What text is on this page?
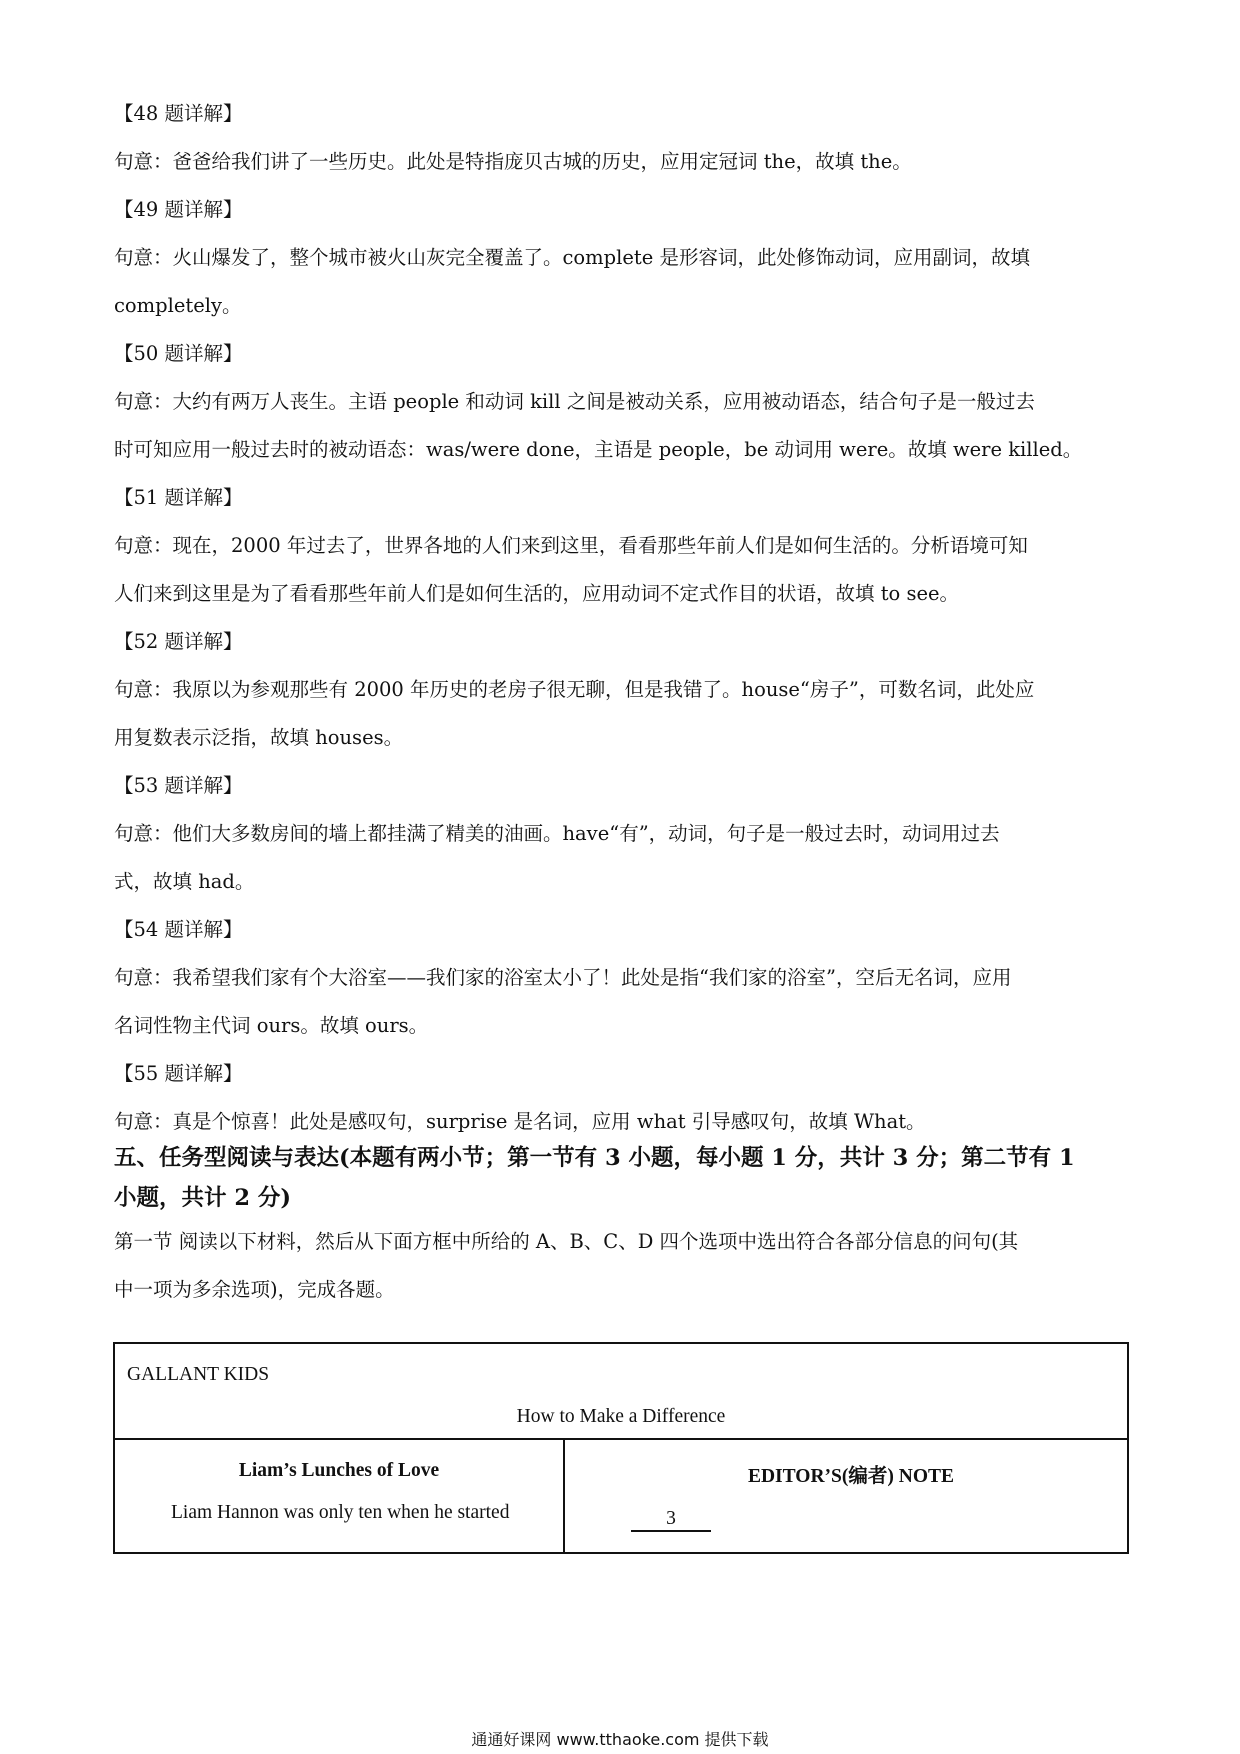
【48 题详解】

句意：爸爸给我们讲了一些历史。此处是特指庞贝古城的历史，应用定冠词 the，故填 the。

【49 题详解】

句意：火山爆发了，整个城市被火山灰完全覆盖了。complete 是形容词，此处修饰动词，应用副词，故填

completely。

【50 题详解】

句意：大约有两万人丧生。主语 people 和动词 kill 之间是被动关系，应用被动语态，结合句子是一般过去

时可知应用一般过去时的被动语态：was/were done，主语是 people，be 动词用 were。故填 were killed。

【51 题详解】

句意：现在，2000 年过去了，世界各地的人们来到这里，看看那些年前人们是如何生活的。分析语境可知

人们来到这里是为了看看那些年前人们是如何生活的，应用动词不定式作目的状语，故填 to see。

【52 题详解】

句意：我原以为参观那些有 2000 年历史的老房子很无聊，但是我错了。house“房子”，可数名词，此处应

用复数表示泛指，故填 houses。

【53 题详解】

句意：他们大多数房间的墙上都挂满了精美的油画。have“有”，动词，句子是一般过去时，动词用过去

式，故填 had。

【54 题详解】

句意：我希望我们家有个大浴室——我们家的浴室太小了！此处是指“我们家的浴室”，空后无名词，应用

名词性物主代词 ours。故填 ours。

【55 题详解】

句意：真是个惊喜！此处是感叹句，surprise 是名词，应用 what 引导感叹句，故填 What。

五、任务型阅读与表达(本题有两小节；第一节有 3 小题，每小题 1 分，共计 3 分；第二节有 1

小题，共计 2 分)

第一节 阅读以下材料，然后从下面方框中所给的 A、B、C、D 四个选项中选出符合各部分信息的问句(其

中一项为多余选项)，完成各题。

GALLANT KIDS
How to Make a Difference

Liam’s Lunches of Love
Liam Hannon was only ten when he started

EDITOR’S(编者) NOTE
3
通通好课网 www.tthaoke.com 提供下载
